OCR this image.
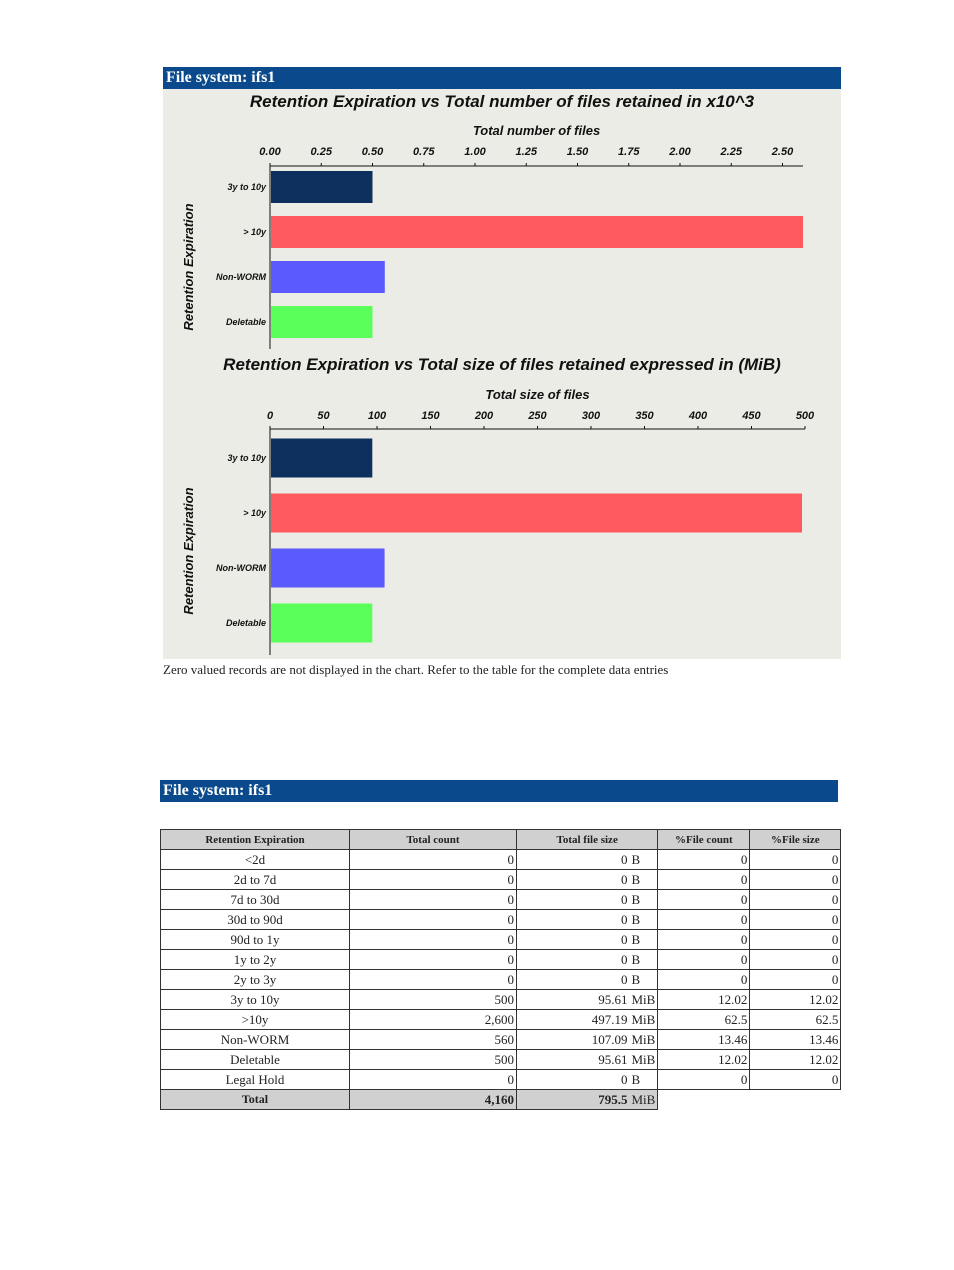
File system: ifs1
Retention Expiration vs Total number of files retained in x10^3
Total number of files
0.00	0.25	0.50	0.75	1.00	1.25	1.50	1.75	2.00	2.25	2.50
Retention Expiration
3y to 10y
> 10y
Non-WORM
Deletable
Retention Expiration vs Total size of files retained expressed in (MiB)
Total size of files
0	50	100	150	200	250	300	350	400	450	500
Retention Expiration
3y to 10y
> 10y
Non-WORM
Deletable
Zero valued records are not displayed in the chart. Refer to the table for the complete data entries
File system: ifs1
Retention Expiration	Total count	Total file size		%File count	%File size
<2d	0	0	B	0	0
2d to 7d	0	0	B	0	0
7d to 30d	0	0	B	0	0
30d to 90d	0	0	B	0	0
90d to 1y	0	0	B	0	0
1y to 2y	0	0	B	0	0
2y to 3y	0	0	B	0	0
3y to 10y	500	95.61	MiB	12.02	12.02
>10y	2,600	497.19	MiB	62.5	62.5
Non-WORM	560	107.09	MiB	13.46	13.46
Deletable	500	95.61	MiB	12.02	12.02
Legal Hold	0	0	B	0	0
Total	4,160	795.5	MiB		
